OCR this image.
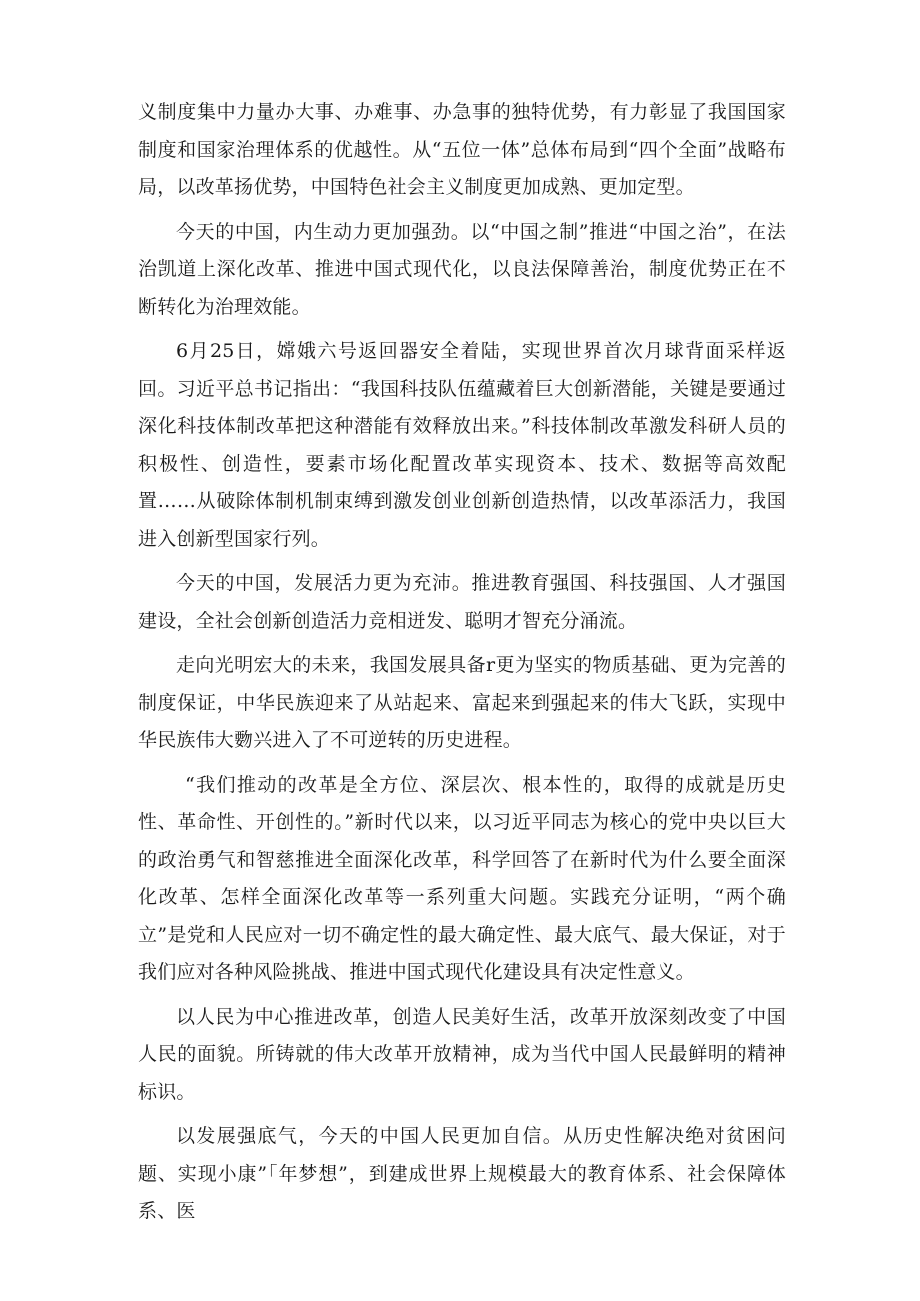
义制度集中力量办大事、办难事、办急事的独特优势，有力彰显了我国国家制度和国家治理体系的优越性。从“五位一体”总体布局到“四个全面”战略布局，以改革扬优势，中国特色社会主义制度更加成熟、更加定型。

今天的中国，内生动力更加强劲。以“中国之制”推进“中国之治”，在法治凯道上深化改革、推进中国式现代化，以良法保障善治，制度优势正在不断转化为治理效能。

6月25日，嫦娥六号返回器安全着陆，实现世界首次月球背面采样返回。习近平总书记指出：“我国科技队伍蕴藏着巨大创新潜能，关键是要通过深化科技体制改革把这种潜能有效释放出来。”科技体制改革激发科研人员的积极性、创造性，要素市场化配置改革实现资本、技术、数据等高效配置……从破除体制机制束缚到激发创业创新创造热情，以改革添活力，我国进入创新型国家行列。

今天的中国，发展活力更为充沛。推进教育强国、科技强国、人才强国建设，全社会创新创造活力竞相迸发、聪明才智充分涌流。

走向光明宏大的未来，我国发展具备r更为坚实的物质基础、更为完善的制度保证，中华民族迎来了从站起来、富起来到强起来的伟大飞跃，实现中华民族伟大覅兴进入了不可逆转的历史进程。

“我们推动的改革是全方位、深层次、根本性的，取得的成就是历史性、革命性、开创性的。”新时代以来，以习近平同志为核心的党中央以巨大的政治勇气和智慈推进全面深化改革，科学回答了在新时代为什么要全面深化改革、怎样全面深化改革等一系列重大问题。实践充分证明，“两个确立”是党和人民应对一切不确定性的最大确定性、最大底气、最大保证，对于我们应对各种风险挑战、推进中国式现代化建设具有决定性意义。

以人民为中心推进改革，创造人民美好生活，改革开放深刻改变了中国人民的面貌。所铸就的伟大改革开放精神，成为当代中国人民最鲜明的精神标识。

以发展强底气，今天的中国人民更加自信。从历史性解决绝对贫困问题、实现小康”「年梦想”，到建成世界上规模最大的教育体系、社会保障体系、医
